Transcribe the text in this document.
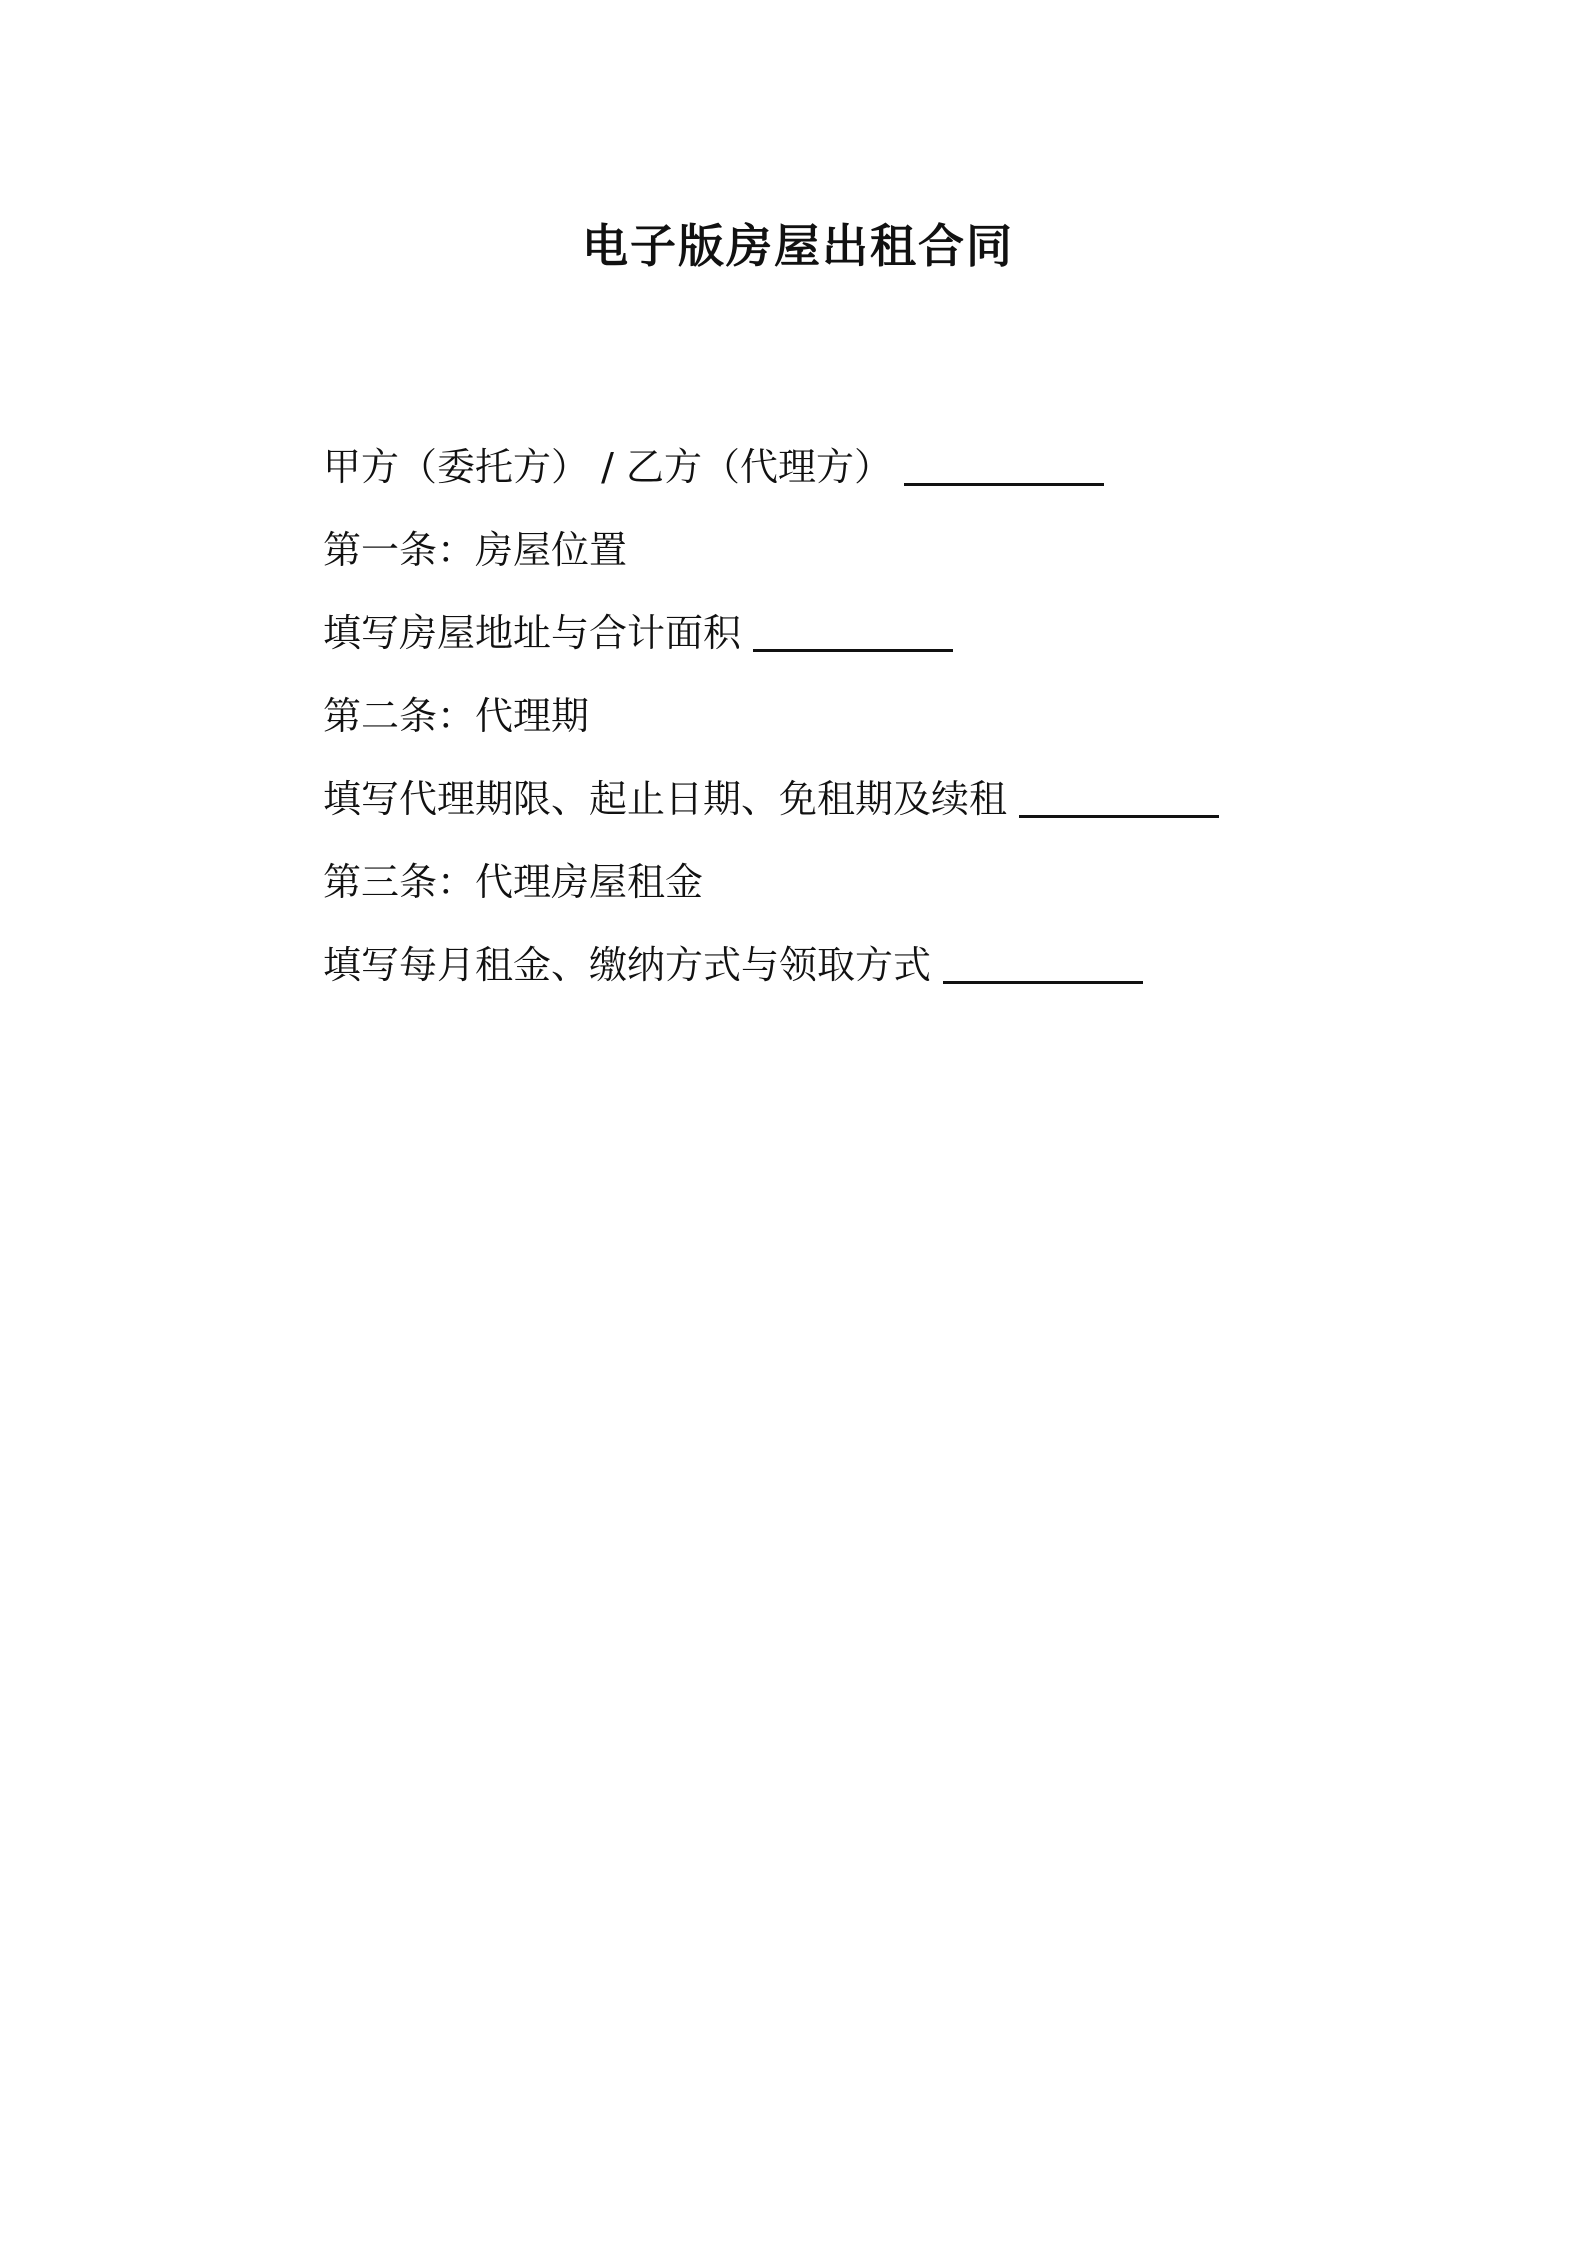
电子版房屋出租合同

甲方（委托方） / 乙方（代理方）

第一条：房屋位置

填写房屋地址与合计面积

第二条：代理期

填写代理期限、起止日期、免租期及续租

第三条：代理房屋租金

填写每月租金、缴纳方式与领取方式
